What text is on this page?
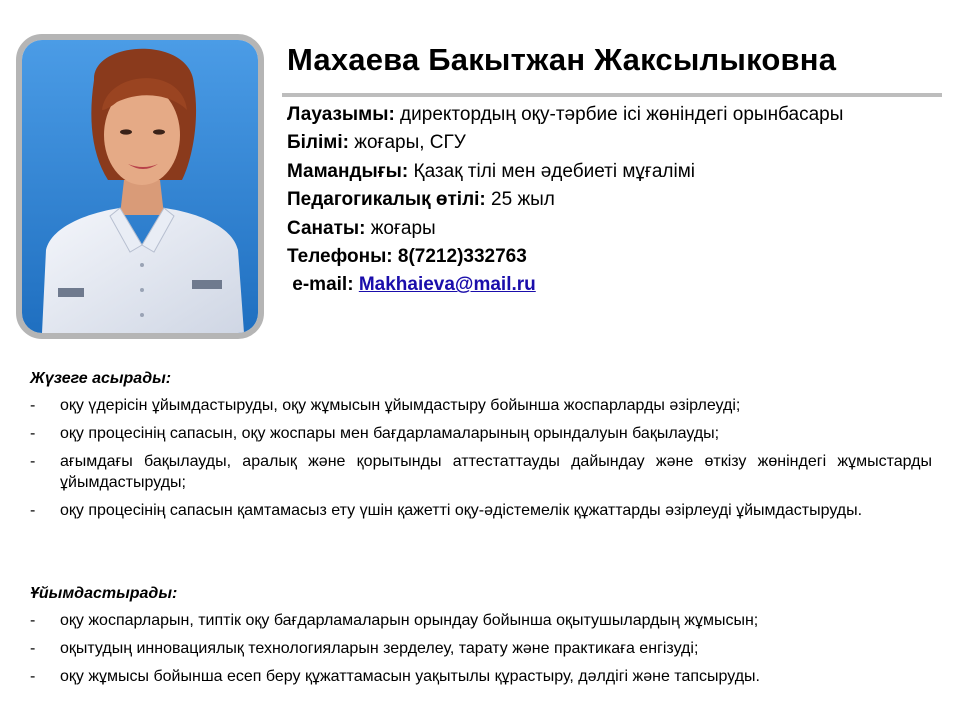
Махаева Бакытжан Жаксылыковна
Лауазымы: директордың оқу-тәрбие ісі жөніндегі орынбасары
Білімі: жоғары, СГУ
Мамандығы: Қазақ тілі мен әдебиеті мұғалімі
Педагогикалық өтілі: 25 жыл
Санаты: жоғары
Телефоны: 8(7212)332763
e-mail: Makhaieva@mail.ru
Жүзеге асырады:
- оқу үдерісін ұйымдастыруды, оқу жұмысын ұйымдастыру бойынша жоспарларды әзірлеуді;
- оқу процесінің сапасын, оқу жоспары мен бағдарламаларының орындалуын бақылауды;
- ағымдағы бақылауды, аралық және қорытынды аттестаттауды дайындау және өткізу жөніндегі жұмыстарды ұйымдастыруды;
- оқу процесінің сапасын қамтамасыз ету үшін қажетті оқу-әдістемелік құжаттарды әзірлеуді ұйымдастыруды.
Ұйымдастырады:
- оқу жоспарларын, типтік оқу бағдарламаларын орындау бойынша оқытушылардың жұмысын;
- оқытудың инновациялық технологияларын зерделеу, тарату және практикаға енгізуді;
- оқу жұмысы бойынша есеп беру құжаттамасын уақытылы құрастыру, дәлдігі және тапсыруды.
